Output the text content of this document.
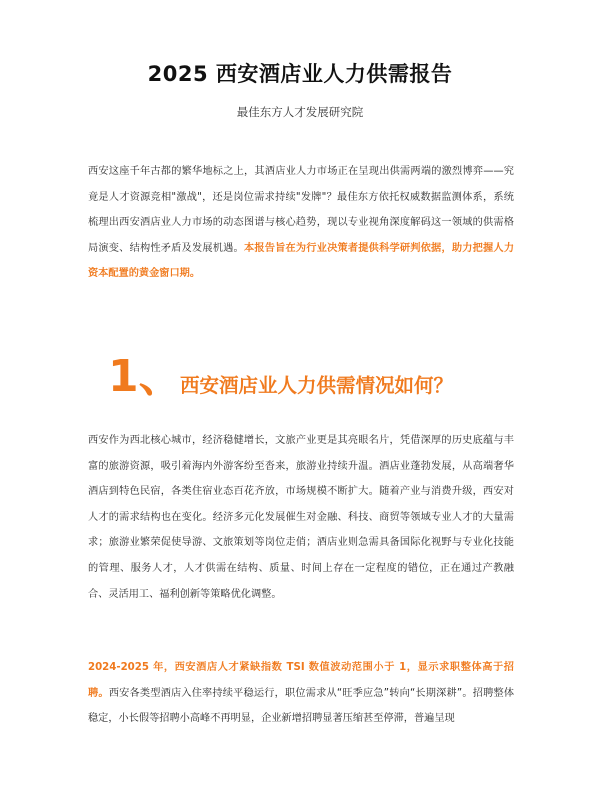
2025 西安酒店业人力供需报告
最佳东方人才发展研究院

西安这座千年古都的繁华地标之上，其酒店业人力市场正在呈现出供需两端的激烈博弈——究竟是人才资源竞相"激战"，还是岗位需求持续"发牌"？最佳东方依托权威数据监测体系，系统梳理出西安酒店业人力市场的动态图谱与核心趋势，现以专业视角深度解码这一领域的供需格局演变、结构性矛盾及发展机遇。本报告旨在为行业决策者提供科学研判依据，助力把握人力资本配置的黄金窗口期。

1、
西安酒店业人力供需情况如何？

西安作为西北核心城市，经济稳健增长，文旅产业更是其亮眼名片，凭借深厚的历史底蕴与丰富的旅游资源，吸引着海内外游客纷至沓来，旅游业持续升温。酒店业蓬勃发展，从高端奢华酒店到特色民宿，各类住宿业态百花齐放，市场规模不断扩大。随着产业与消费升级，西安对人才的需求结构也在变化。经济多元化发展催生对金融、科技、商贸等领域专业人才的大量需求；旅游业繁荣促使导游、文旅策划等岗位走俏；酒店业则急需具备国际化视野与专业化技能的管理、服务人才，人才供需在结构、质量、时间上存在一定程度的错位，正在通过产教融合、灵活用工、福利创新等策略优化调整。

2024-2025 年，西安酒店人才紧缺指数 TSI 数值波动范围小于 1，显示求职整体高于招聘。西安各类型酒店入住率持续平稳运行，职位需求从“旺季应急”转向“长期深耕”。招聘整体稳定，小长假等招聘小高峰不再明显，企业新增招聘显著压缩甚至停滞，普遍呈现
